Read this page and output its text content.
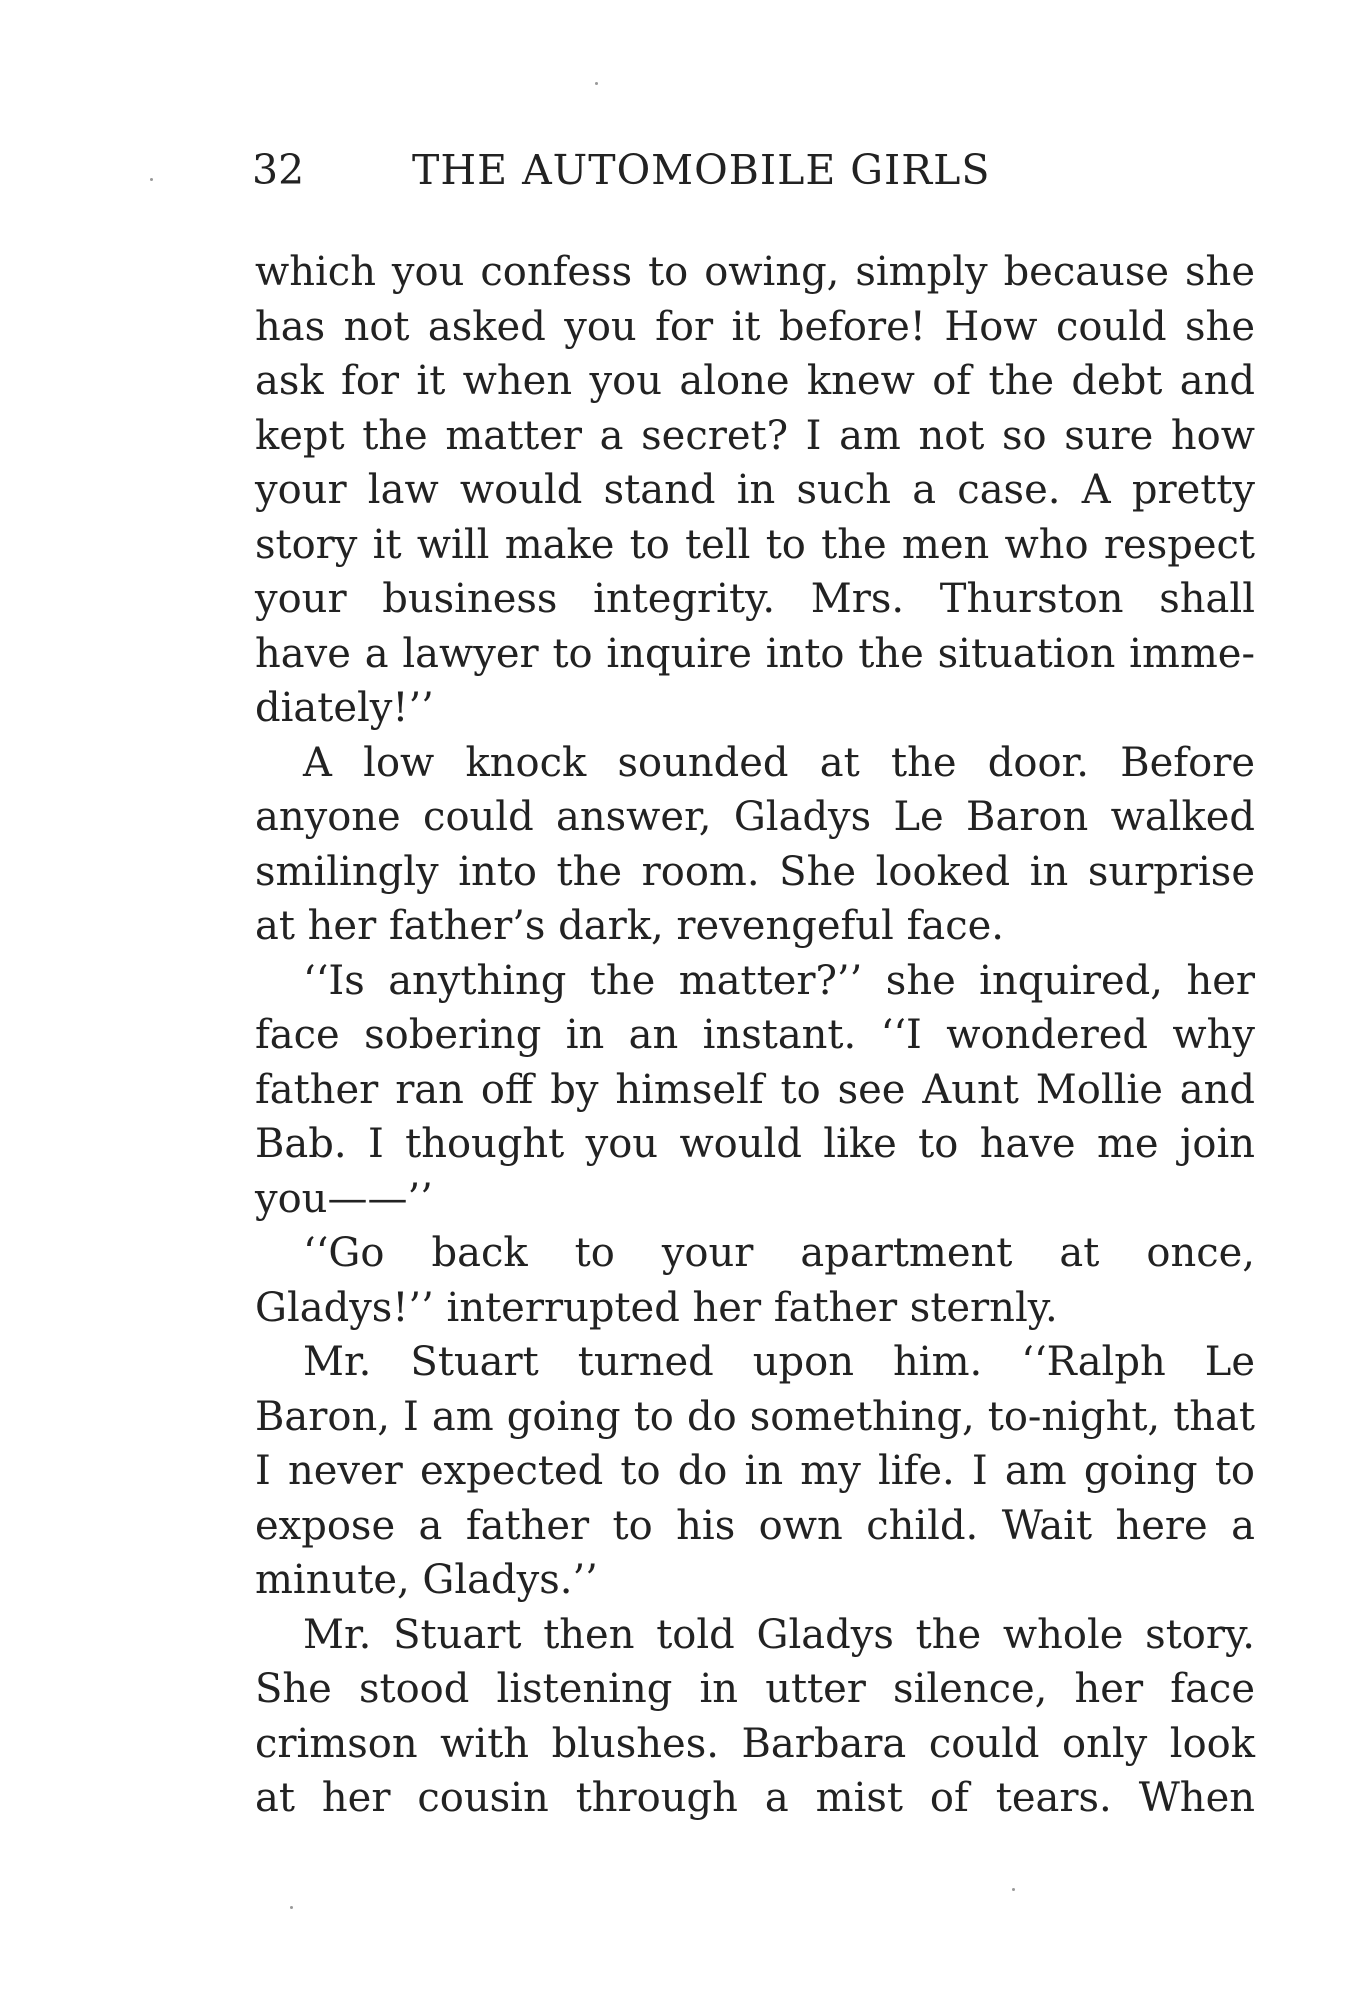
32	THE AUTOMOBILE GIRLS
which you confess to owing, simply because she
has not asked you for it before! How could she
ask for it when you alone knew of the debt and
kept the matter a secret? I am not so sure how
your law would stand in such a case. A pretty
story it will make to tell to the men who respect
your business integrity. Mrs. Thurston shall
have a lawyer to inquire into the situation imme-
diately!’’
A low knock sounded at the door. Before
anyone could answer, Gladys Le Baron walked
smilingly into the room. She looked in surprise
at her father’s dark, revengeful face.
‘‘Is anything the matter?’’ she inquired, her
face sobering in an instant. ‘‘I wondered why
father ran off by himself to see Aunt Mollie and
Bab. I thought you would like to have me join
you——’’
‘‘Go back to your apartment at once,
Gladys!’’ interrupted her father sternly.
Mr. Stuart turned upon him. ‘‘Ralph Le
Baron, I am going to do something, to-night, that
I never expected to do in my life. I am going to
expose a father to his own child. Wait here a
minute, Gladys.’’
Mr. Stuart then told Gladys the whole story.
She stood listening in utter silence, her face
crimson with blushes. Barbara could only look
at her cousin through a mist of tears. When
